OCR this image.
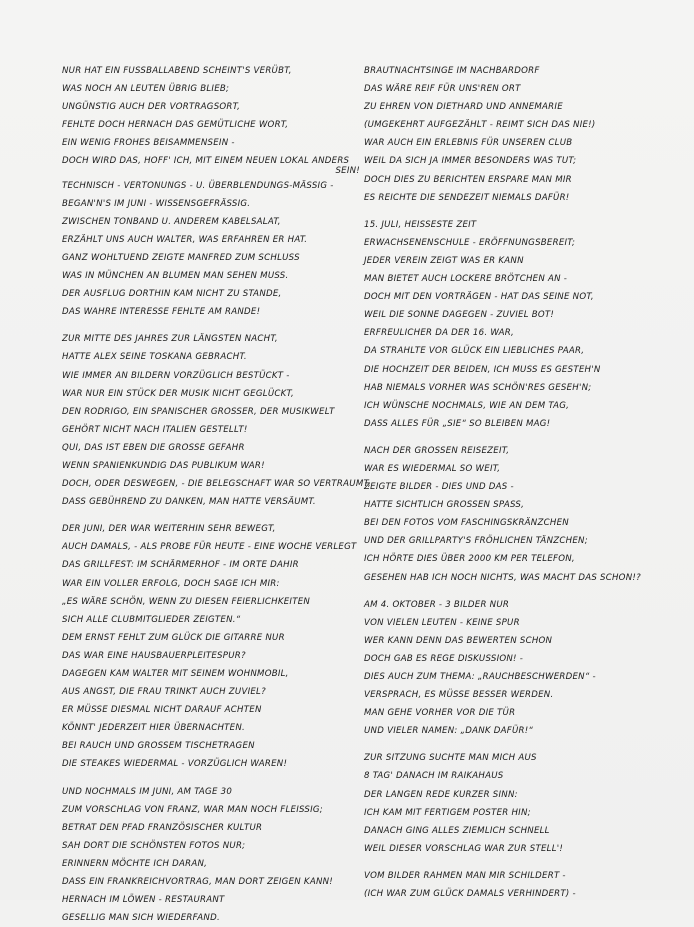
NUR HAT EIN FUSSBALLABEND SCHEINT'S VERÜBT,
WAS NOCH AN LEUTEN ÜBRIG BLIEB;
UNGÜNSTIG AUCH DER VORTRAGSORT,
FEHLTE DOCH HERNACH DAS GEMÜTLICHE WORT,
EIN WENIG FROHES BEISAMMENSEIN -
DOCH WIRD DAS, HOFF' ICH, MIT EINEM NEUEN LOKAL ANDERS
SEIN!
TECHNISCH - VERTONUNGS - U. ÜBERBLENDUNGS-MÄSSIG -
BEGAN'N'S IM JUNI - WISSENSGEFRÄSSIG.
ZWISCHEN TONBAND U. ANDEREM KABELSALAT,
ERZÄHLT UNS AUCH WALTER, WAS ERFAHREN ER HAT.
GANZ WOHLTUEND ZEIGTE MANFRED ZUM SCHLUSS
WAS IN MÜNCHEN AN BLUMEN MAN SEHEN MUSS.
DER AUSFLUG DORTHIN KAM NICHT ZU STANDE,
DAS WAHRE INTERESSE FEHLTE AM RANDE!
ZUR MITTE DES JAHRES ZUR LÄNGSTEN NACHT,
HATTE ALEX SEINE TOSKANA GEBRACHT.
WIE IMMER AN BILDERN VORZÜGLICH BESTÜCKT -
WAR NUR EIN STÜCK DER MUSIK NICHT GEGLÜCKT,
DEN RODRIGO, EIN SPANISCHER GROSSER, DER MUSIKWELT
GEHÖRT NICHT NACH ITALIEN GESTELLT!
QUI, DAS IST EBEN DIE GROSSE GEFAHR
WENN SPANIENKUNDIG DAS PUBLIKUM WAR!
DOCH, ODER DESWEGEN, - DIE BELEGSCHAFT WAR SO VERTRAUMT,
DASS GEBÜHREND ZU DANKEN, MAN HATTE VERSÄUMT.
DER JUNI, DER WAR WEITERHIN SEHR BEWEGT,
AUCH DAMALS, - ALS PROBE FÜR HEUTE - EINE WOCHE VERLEGT
DAS GRILLFEST: IM SCHÄRMERHOF - IM ORTE DAHIR
WAR EIN VOLLER ERFOLG, DOCH SAGE ICH MIR:
„ES WÄRE SCHÖN, WENN ZU DIESEN FEIERLICHKEITEN
SICH ALLE CLUBMITGLIEDER ZEIGTEN.“
DEM ERNST FEHLT ZUM GLÜCK DIE GITARRE NUR
DAS WAR EINE HAUSBAUERPLEITESPUR?
DAGEGEN KAM WALTER MIT SEINEM WOHNMOBIL,
AUS ANGST, DIE FRAU TRINKT AUCH ZUVIEL?
ER MÜSSE DIESMAL NICHT DARAUF ACHTEN
KÖNNT' JEDERZEIT HIER ÜBERNACHTEN.
BEI RAUCH UND GROSSEM TISCHETRAGEN
DIE STEAKES WIEDERMAL - VORZÜGLICH WAREN!
UND NOCHMALS IM JUNI, AM TAGE 30
ZUM VORSCHLAG VON FRANZ, WAR MAN NOCH FLEISSIG;
BETRAT DEN PFAD FRANZÖSISCHER KULTUR
SAH DORT DIE SCHÖNSTEN FOTOS NUR;
ERINNERN MÖCHTE ICH DARAN,
DASS EIN FRANKREICHVORTRAG, MAN DORT ZEIGEN KANN!
HERNACH IM LÖWEN - RESTAURANT
GESELLIG MAN SICH WIEDERFAND.
BRAUTNACHTSINGE IM NACHBARDORF
DAS WÄRE REIF FÜR UNS'REN ORT
ZU EHREN VON DIETHARD UND ANNEMARIE
(UMGEKEHRT AUFGEZÄHLT - REIMT SICH DAS NIE!)
WAR AUCH EIN ERLEBNIS FÜR UNSEREN CLUB
WEIL DA SICH JA IMMER BESONDERS WAS TUT;
DOCH DIES ZU BERICHTEN ERSPARE MAN MIR
ES REICHTE DIE SENDEZEIT NIEMALS DAFÜR!
15. JULI, HEISSESTE ZEIT
ERWACHSENENSCHULE - ERÖFFNUNGSBEREIT;
JEDER VEREIN ZEIGT WAS ER KANN
MAN BIETET AUCH LOCKERE BRÖTCHEN AN -
DOCH MIT DEN VORTRÄGEN - HAT DAS SEINE NOT,
WEIL DIE SONNE DAGEGEN - ZUVIEL BOT!
ERFREULICHER DA DER 16. WAR,
DA STRAHLTE VOR GLÜCK EIN LIEBLICHES PAAR,
DIE HOCHZEIT DER BEIDEN, ICH MUSS ES GESTEH'N
HAB NIEMALS VORHER WAS SCHÖN'RES GESEH'N;
ICH WÜNSCHE NOCHMALS, WIE AN DEM TAG,
DASS ALLES FÜR „SIE“ SO BLEIBEN MAG!
NACH DER GROSSEN REISEZEIT,
WAR ES WIEDERMAL SO WEIT,
ZEIGTE BILDER - DIES UND DAS -
HATTE SICHTLICH GROSSEN SPASS,
BEI DEN FOTOS VOM FASCHINGSKRÄNZCHEN
UND DER GRILLPARTY'S FRÖHLICHEN TÄNZCHEN;
ICH HÖRTE DIES ÜBER 2000 KM PER TELEFON,
GESEHEN HAB ICH NOCH NICHTS, WAS MACHT DAS SCHON!?
AM 4. OKTOBER - 3 BILDER NUR
VON VIELEN LEUTEN - KEINE SPUR
WER KANN DENN DAS BEWERTEN SCHON
DOCH GAB ES REGE DISKUSSION! -
DIES AUCH ZUM THEMA: „RAUCHBESCHWERDEN“ -
VERSPRACH, ES MÜSSE BESSER WERDEN.
MAN GEHE VORHER VOR DIE TÜR
UND VIELER NAMEN: „DANK DAFÜR!“
ZUR SITZUNG SUCHTE MAN MICH AUS
8 TAG' DANACH IM RAIKAHAUS
DER LANGEN REDE KURZER SINN:
ICH KAM MIT FERTIGEM POSTER HIN;
DANACH GING ALLES ZIEMLICH SCHNELL
WEIL DIESER VORSCHLAG WAR ZUR STELL'!
VOM BILDER RAHMEN MAN MIR SCHILDERT -
(ICH WAR ZUM GLÜCK DAMALS VERHINDERT) -
